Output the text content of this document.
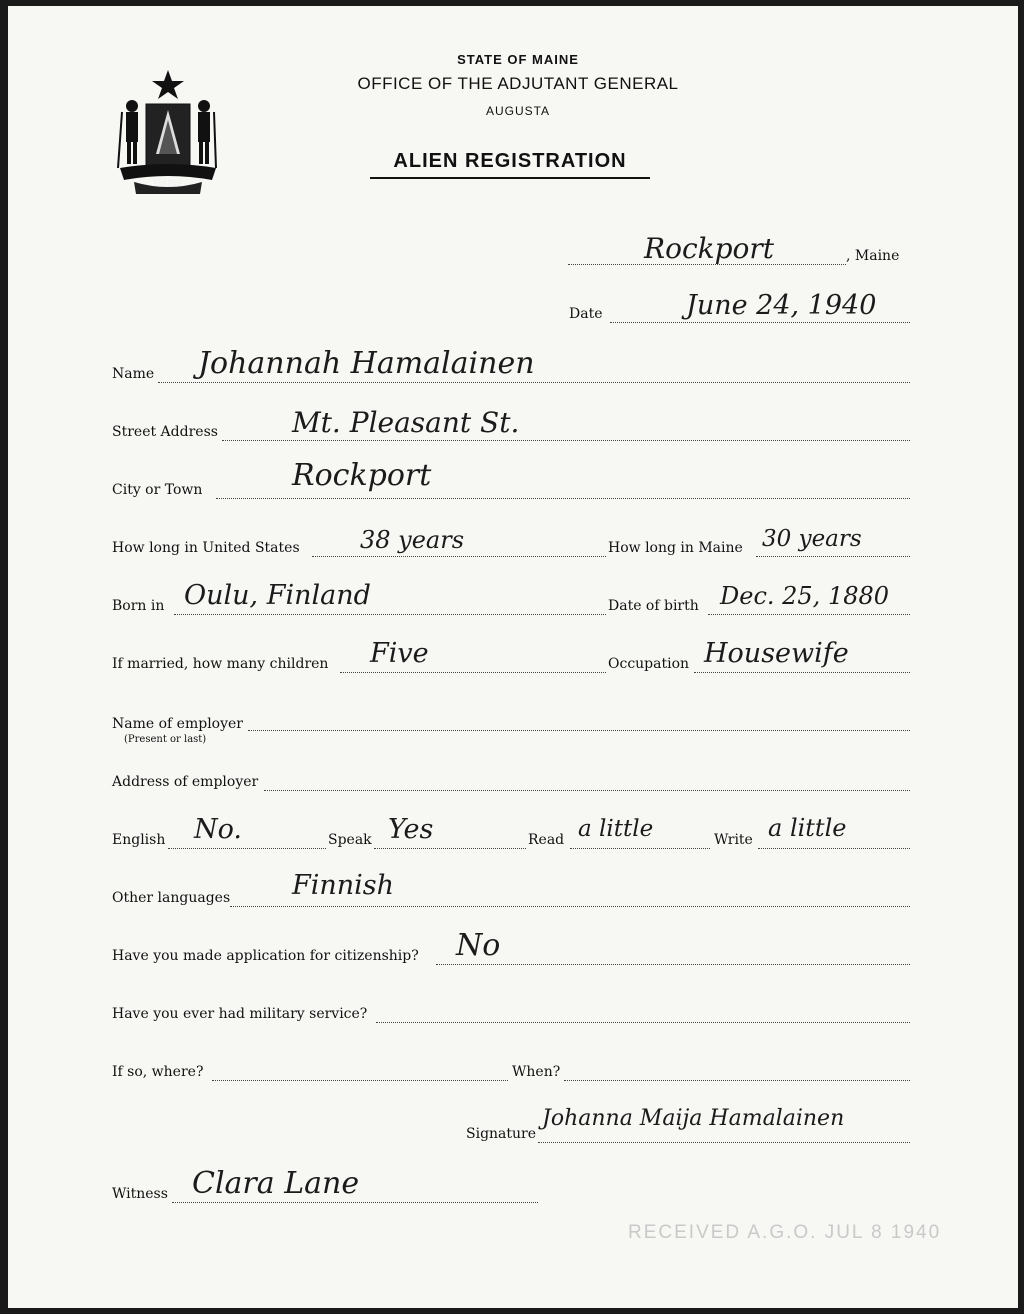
MAINE
STATE OF MAINE
OFFICE OF THE ADJUTANT GENERAL
AUGUSTA
ALIEN REGISTRATION
Rockport	, Maine
Date	June 24, 1940
Name Johannah Hamalainen
Street Address	Mt. Pleasant St.
City or Town	Rockport
How long in United States	38 years	How long in Maine 30 years
Born in Oulu, Finland	Date of birth Dec. 25, 1880
If married, how many children Five	Occupation Housewife
Name of employer
(Present or last)
Address of employer
English No.	Speak Yes	Read a little	Write a little
Other languages Finnish
Have you made application for citizenship? No
Have you ever had military service?
If so, where?	When?
Signature
Johanna Maija Hamalainen
Witness Clara Lane
RECEIVED A.G.O. JUL 8 1940
